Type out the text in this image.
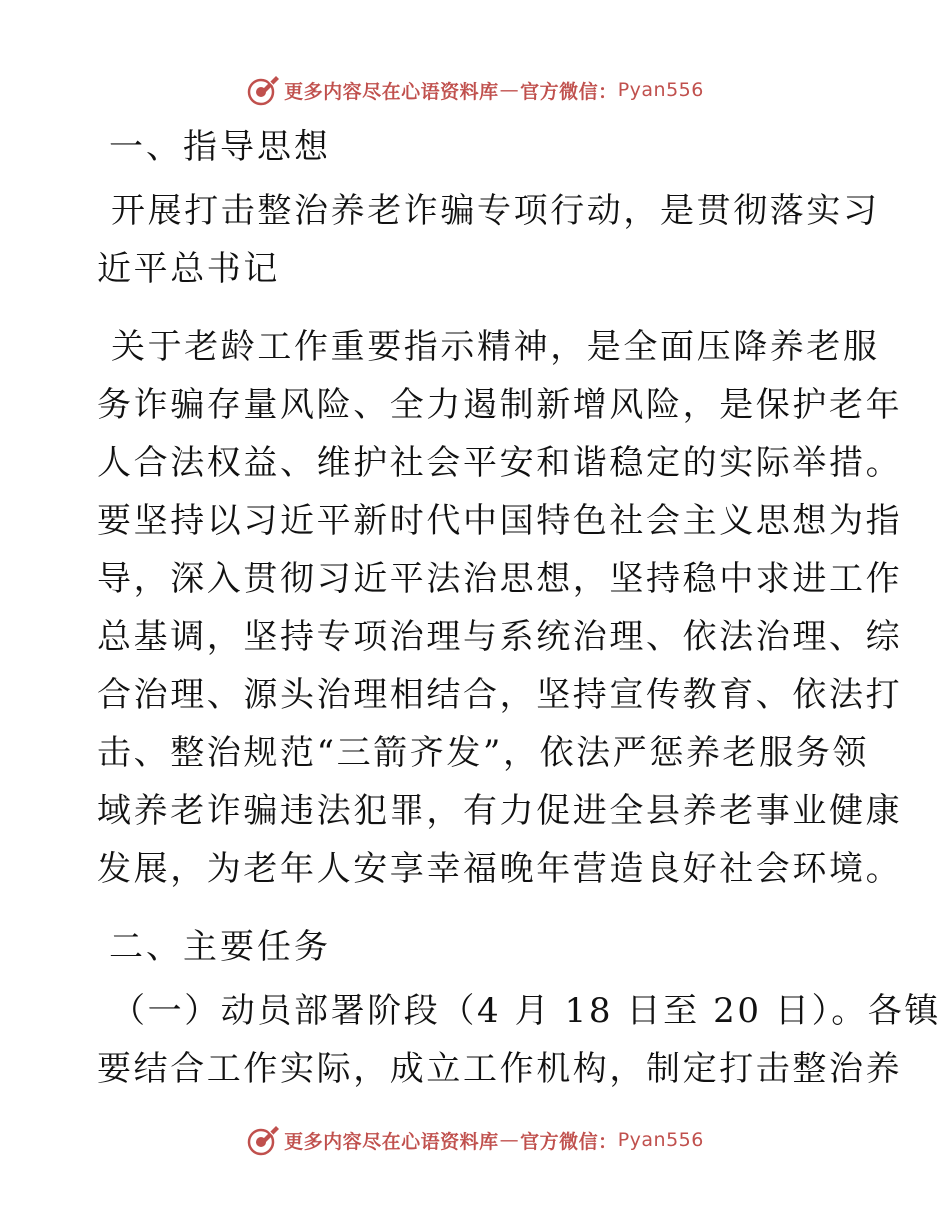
更多内容尽在心语资料库 — 官方微信： Pyan556
一、指导思想
开展打击整治养老诈骗专项行动，是贯彻落实习
近平总书记
关于老龄工作重要指示精神，是全面压降养老服
务诈骗存量风险、全力遏制新增风险，是保护老年
人合法权益、维护社会平安和谐稳定的实际举措。
要坚持以习近平新时代中国特色社会主义思想为指
导，深入贯彻习近平法治思想，坚持稳中求进工作
总基调，坚持专项治理与系统治理、依法治理、综
合治理、源头治理相结合，坚持宣传教育、依法打
击、整治规范“三箭齐发”，依法严惩养老服务领
域养老诈骗违法犯罪，有力促进全县养老事业健康
发展，为老年人安享幸福晚年营造良好社会环境。
二、主要任务
（一）动员部署阶段（4 月 18 日至 20 日）。各镇
要结合工作实际，成立工作机构，制定打击整治养
更多内容尽在心语资料库 — 官方微信： Pyan556
